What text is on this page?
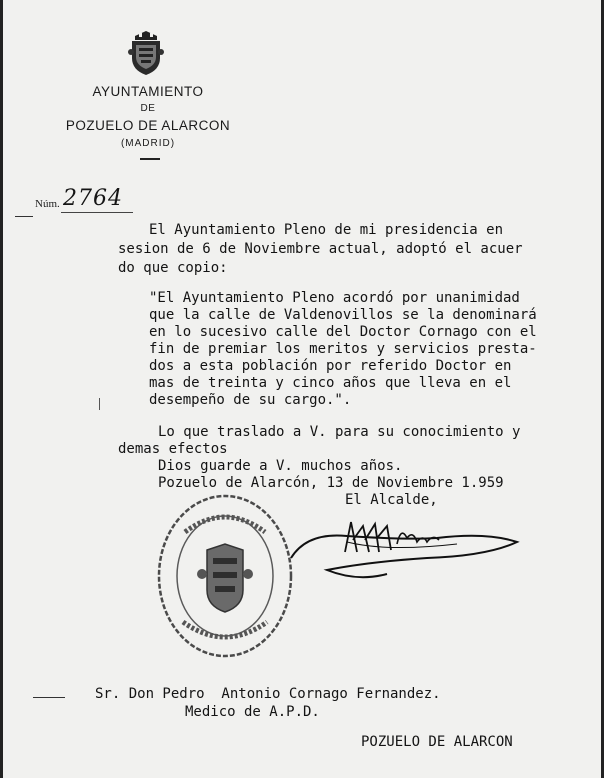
AYUNTAMIENTO
DE
POZUELO DE ALARCON
(MADRID)
Núm. 2764
El Ayuntamiento Pleno de mi presidencia en
sesion de 6 de Noviembre actual, adoptó el acuer
do que copio:
"El Ayuntamiento Pleno acordó por unanimidad
que la calle de Valdenovillos se la denominará
en lo sucesivo calle del Doctor Cornago con el
fin de premiar los meritos y servicios presta-
dos a esta población por referido Doctor en
mas de treinta y cinco años que lleva en el
desempeño de su cargo.".
Lo que traslado a V. para su conocimiento y
demas efectos
Dios guarde a V. muchos años.
Pozuelo de Alarcón, 13 de Noviembre 1.959
El Alcalde,
Sr. Don Pedro  Antonio Cornago Fernandez.
Medico de A.P.D.
POZUELO DE ALARCON
